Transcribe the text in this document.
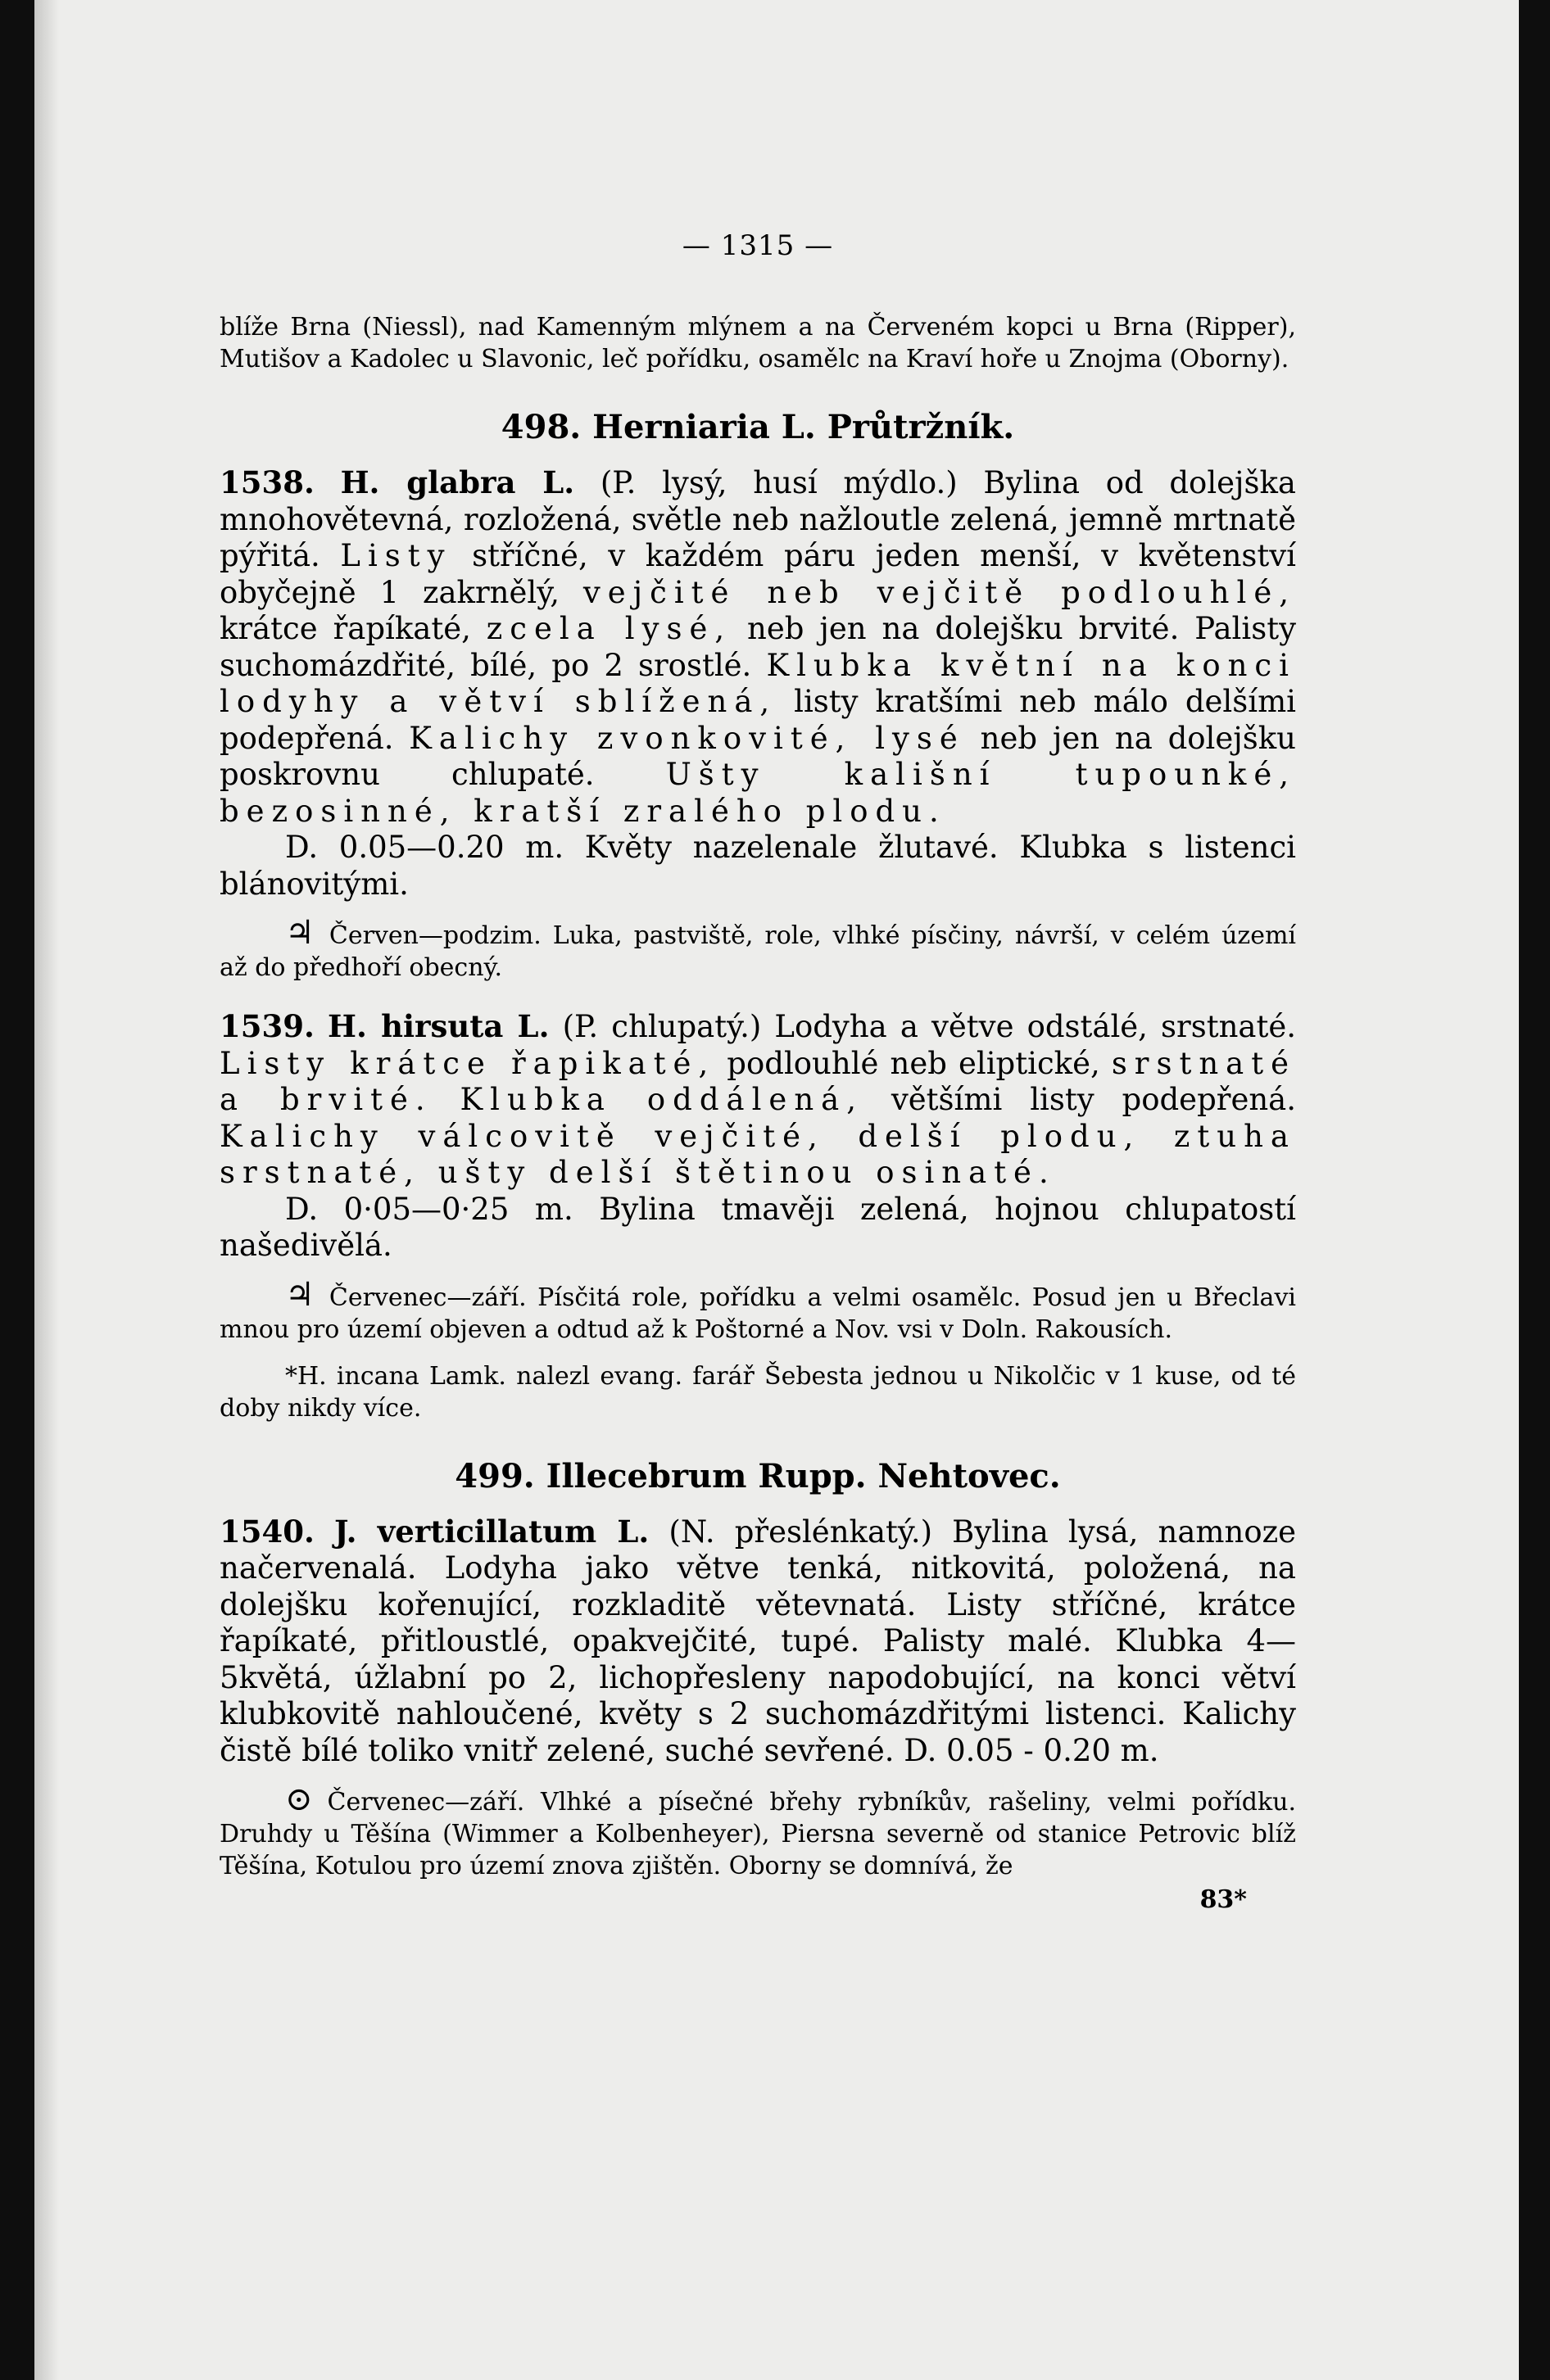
— 1315 —

blíže Brna (Niessl), nad Kamenným mlýnem a na Červeném kopci u Brna (Ripper), Mutišov a Kadolec u Slavonic, leč pořídku, osamělc na Kraví hoře u Znojma (Oborny).

498. Herniaria L. Průtržník.

1538. H. glabra L. (P. lysý, husí mýdlo.) Bylina od dolejška mnohovětevná, rozložená, světle neb nažloutle zelená, jemně mrtnatě pýřitá. Listy stříčné, v každém páru jeden menší, v květenství obyčejně 1 zakrnělý, vejčité neb vejčitě podlouhlé, krátce řapíkaté, zcela lysé, neb jen na dolejšku brvité. Palisty suchomázdřité, bílé, po 2 srostlé. Klubka květní na konci lodyhy a větví sblížená, listy kratšími neb málo delšími podepřená. Kalichy zvonkovité, lysé neb jen na dolejšku poskrovnu chlupaté. Ušty kališní tupounké, bezosinné, kratší zralého plodu.

D. 0.05—0.20 m. Květy nazelenale žlutavé. Klubka s listenci blánovitými.

♃ Červen—podzim. Luka, pastviště, role, vlhké písčiny, návrší, v celém území až do předhoří obecný.

1539. H. hirsuta L. (P. chlupatý.) Lodyha a větve odstálé, srstnaté. Listy krátce řapikaté, podlouhlé neb eliptické, srstnaté a brvité. Klubka oddálená, většími listy podepřená. Kalichy válcovitě vejčité, delší plodu, ztuha srstnaté, ušty delší štětinou osinaté.

D. 0·05—0·25 m. Bylina tmavěji zelená, hojnou chlupatostí našedivělá.

♃ Červenec—září. Písčitá role, pořídku a velmi osamělc. Posud jen u Břeclavi mnou pro území objeven a odtud až k Poštorné a Nov. vsi v Doln. Rakousích.

*H. incana Lamk. nalezl evang. farář Šebesta jednou u Nikolčic v 1 kuse, od té doby nikdy více.

499. Illecebrum Rupp. Nehtovec.

1540. J. verticillatum L. (N. přeslénkatý.) Bylina lysá, namnoze načervenalá. Lodyha jako větve tenká, nitkovitá, položená, na dolejšku kořenující, rozkladitě větevnatá. Listy stříčné, krátce řapíkaté, přitloustlé, opakvejčité, tupé. Palisty malé. Klubka 4—5květá, úžlabní po 2, lichopřeslenу napodobující, na konci větví klubkovitě nahloučené, květy s 2 suchomázdřitými listenci. Kalichy čistě bílé toliko vnitř zelené, suché sevřené. D. 0.05 - 0.20 m.

⊙ Červenec—září. Vlhké a písečné břehy rybníkův, rašeliny, velmi pořídku. Druhdy u Těšína (Wimmer a Kolbenheyer), Piersna severně od stanice Petrovic blíž Těšína, Kotulou pro území znova zjištěn. Oborny se domnívá, že

83*
